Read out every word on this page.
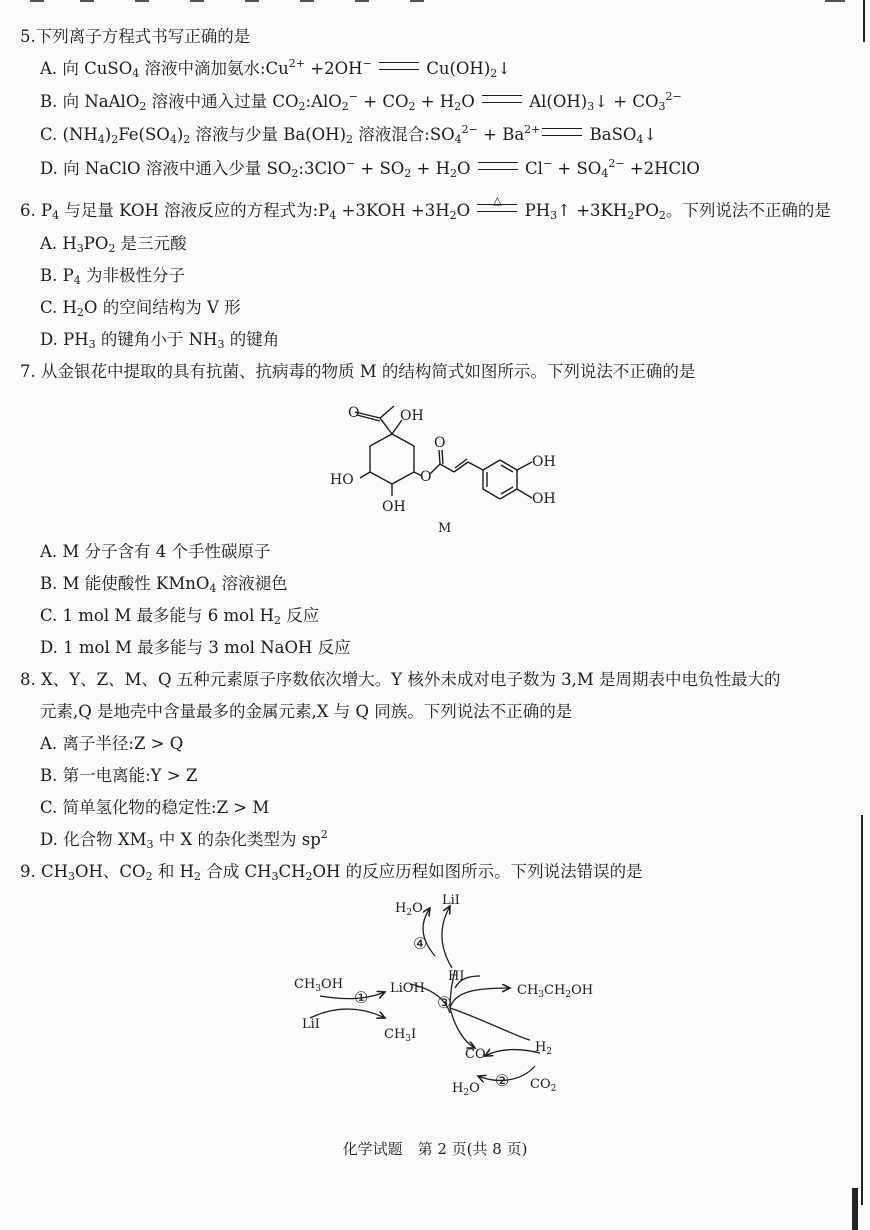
5.下列离子方程式书写正确的是
A. 向 CuSO$_4$ 溶液中滴加氨水$:Cu^{2+} +2OH^-$	$Cu(OH)_2↓$
B. 向 NaAlO$_2$ 溶液中通入过量 $CO_2:AlO_2^- + CO_2 + H_2O$	$Al(OH)_3↓ + CO_3^{2-}$
C. $(NH_4)_2Fe(SO_4)_2$ 溶液与少量 $Ba(OH)_2$ 溶液混合$:SO_4^{2-} + Ba^{2+}$	BaSO$_4$↓
D. 向 NaClO 溶液中通入少量 $SO_2:3ClO^- + SO_2 + H_2O$	$Cl^- + SO_4^{2-}$ +2HClO
6. $P_4$ 与足量 KOH 溶液反应的方程式为$:P_4 +3KOH +3H_2O$
△
$PH_3↑ +3KH_2PO_2$。下列说法不正确的是
A. $H_3PO_2$ 是三元酸
B. $P_4$ 为非极性分子
C. $H_2O$ 的空间结构为 V 形
D. $PH_3$ 的键角小于 $NH_3$ 的键角
7. 从金银花中提取的具有抗菌、抗病毒的物质 M 的结构简式如图所示。下列说法不正确的是
O	OH
HO
OH
O
O
OH
OH
M
A. M 分子含有 4 个手性碳原子
B. M 能使酸性 KMnO$_4$ 溶液褪色
C. 1 mol M 最多能与 6 mol $H_2$ 反应
D. 1 mol M 最多能与 3 mol NaOH 反应
8. X、Y、Z、M、Q 五种元素原子序数依次增大。Y 核外未成对电子数为 3,M 是周期表中电负性最大的
元素,Q 是地壳中含量最多的金属元素,X 与 Q 同族。下列说法不正确的是
A. 离子半径:Z > Q
B. 第一电离能:Y > Z
C. 简单氢化物的稳定性:Z > M
D. 化合物 $XM_3$ 中 X 的杂化类型为 $sp^2$
9. $CH_3OH$、$CO_2$ 和 $H_2$ 合成 $CH_3CH_2OH$ 的反应历程如图所示。下列说法错误的是
$H_2O$
LiI
④
HI
$CH_3OH$
① LiOH
③
$CH_3CH_2OH$
LiI
$CH_3I$
CO	$H_2$
$H_2O$ ② $CO_2$
化学试题　第 2 页(共 8 页)
